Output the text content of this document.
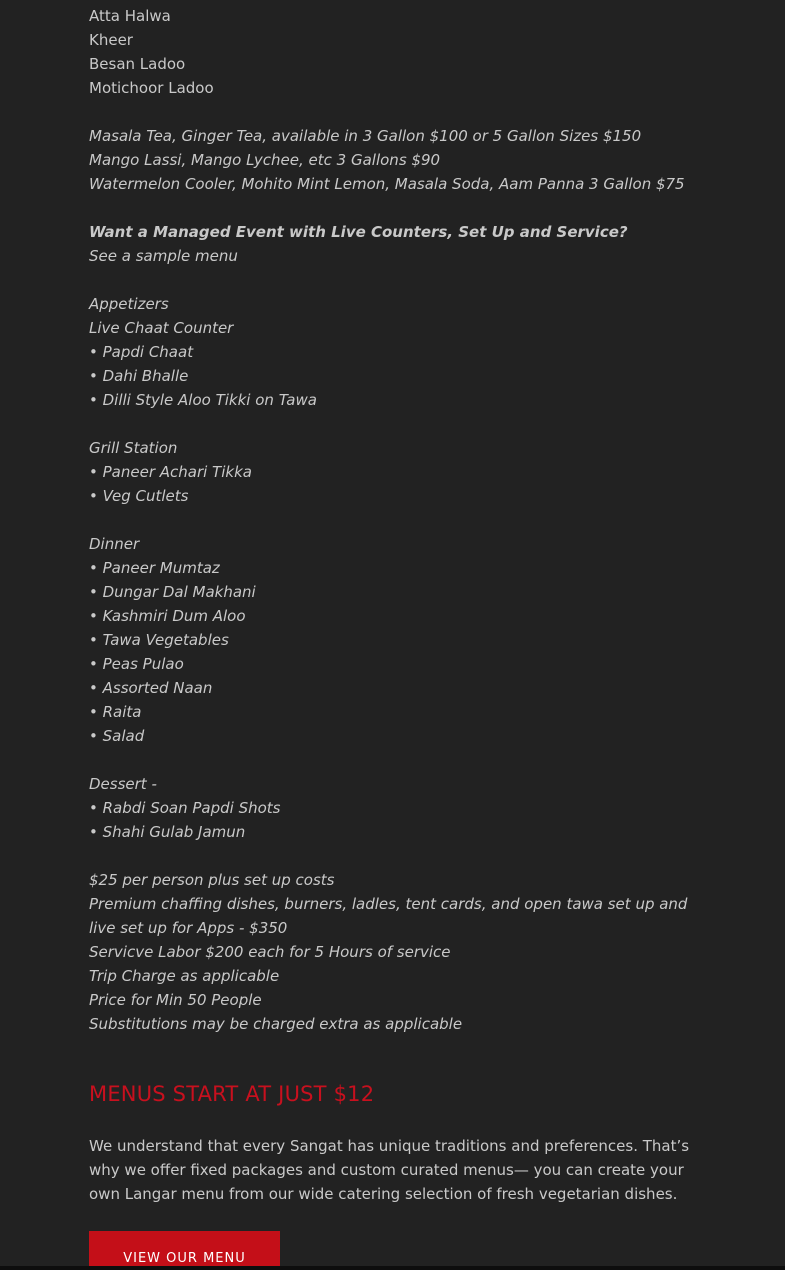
Atta Halwa
Kheer
Besan Ladoo
Motichoor Ladoo
Masala Tea, Ginger Tea, available in 3 Gallon $100 or 5 Gallon Sizes $150
Mango Lassi, Mango Lychee, etc 3 Gallons $90
Watermelon Cooler, Mohito Mint Lemon, Masala Soda, Aam Panna 3 Gallon $75
Want a Managed Event with Live Counters, Set Up and Service?
See a sample menu
Appetizers
Live Chaat Counter
• Papdi Chaat
• Dahi Bhalle
• Dilli Style Aloo Tikki on Tawa
Grill Station
• Paneer Achari Tikka
• Veg Cutlets
Dinner
• Paneer Mumtaz
• Dungar Dal Makhani
• Kashmiri Dum Aloo
• Tawa Vegetables
• Peas Pulao
• Assorted Naan
• Raita
• Salad
Dessert -
• Rabdi Soan Papdi Shots
• Shahi Gulab Jamun
$25 per person plus set up costs
Premium chaffing dishes, burners, ladles, tent cards, and open tawa set up and live set up for Apps - $350
Servicve Labor $200 each for 5 Hours of service
Trip Charge as applicable
Price for Min 50 People
Substitutions may be charged extra as applicable
MENUS START AT JUST $12
We understand that every Sangat has unique traditions and preferences. That’s why we offer fixed packages and custom curated menus— you can create your own Langar menu from our wide catering selection of fresh vegetarian dishes.
VIEW OUR MENU
